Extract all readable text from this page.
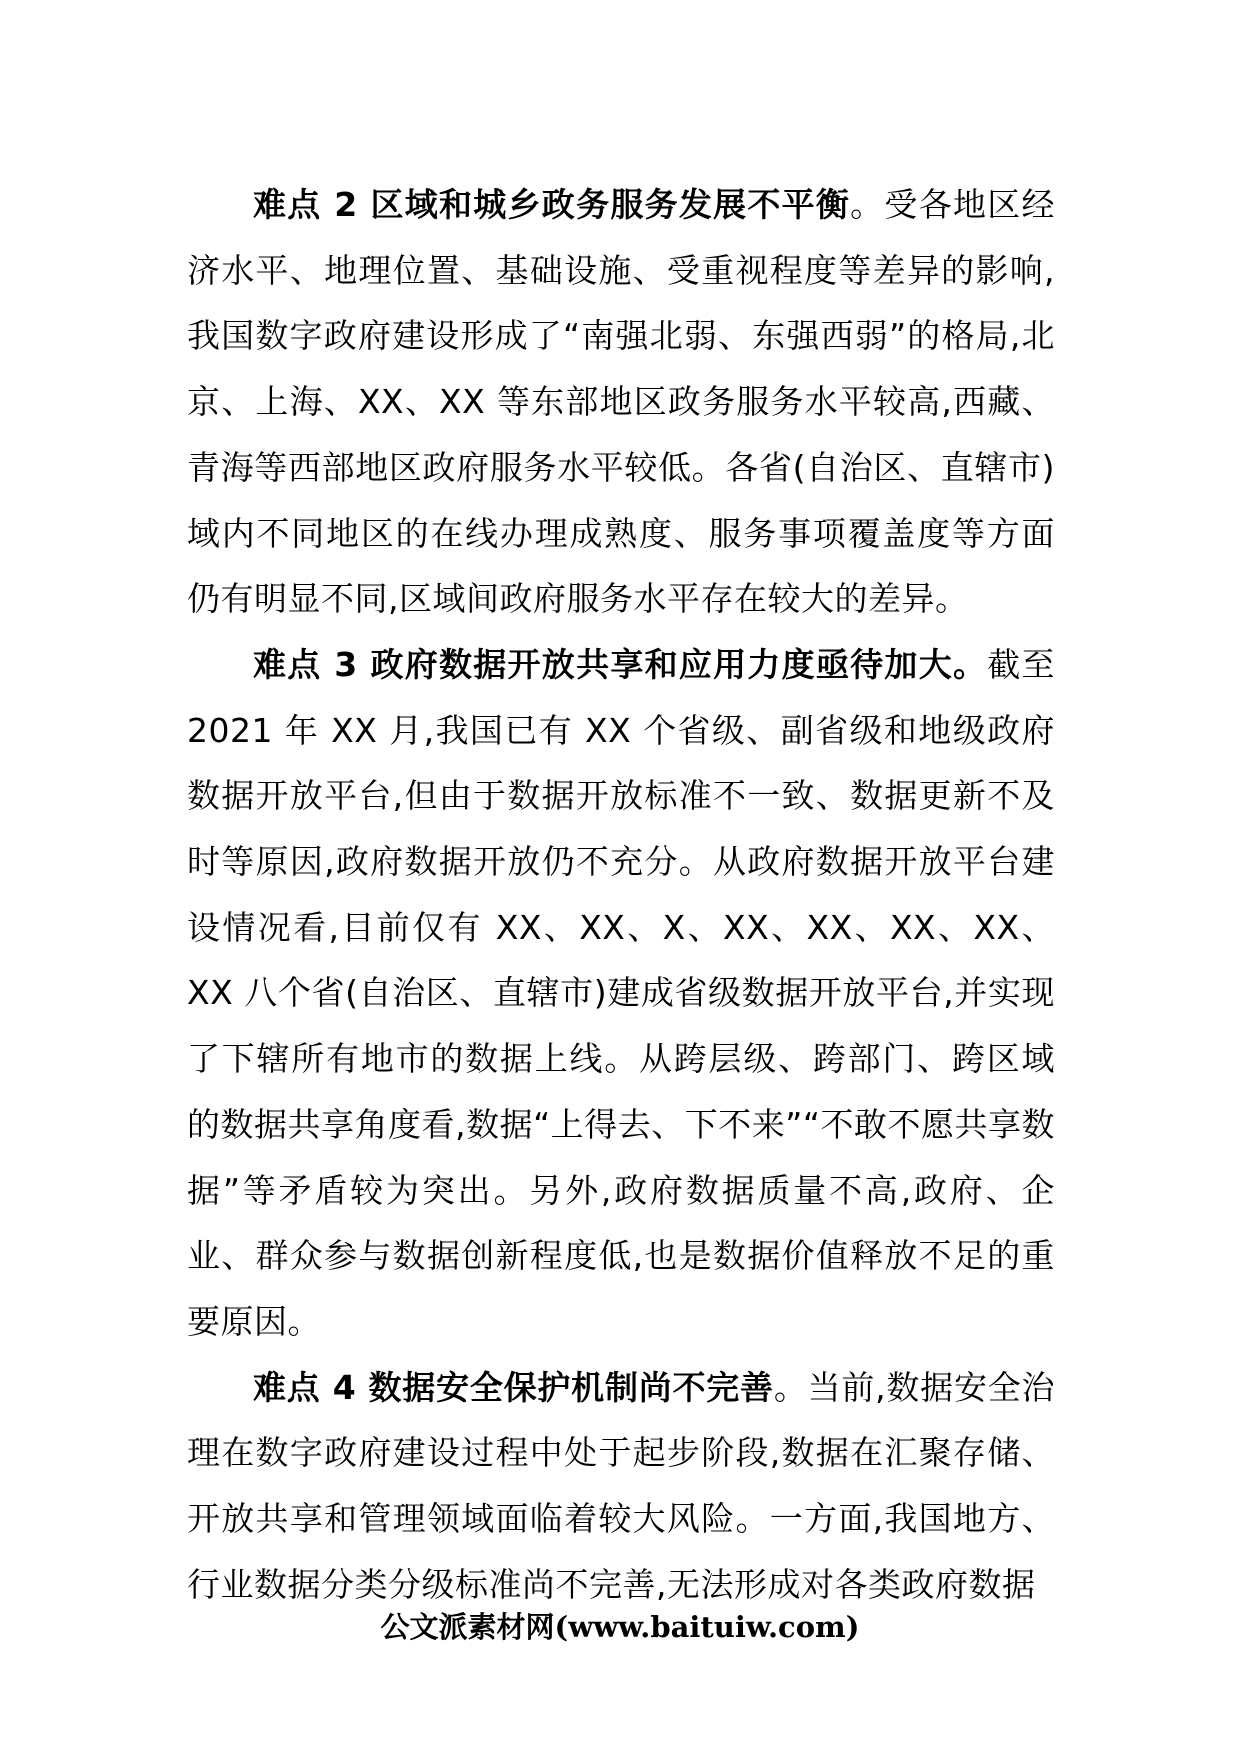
难点 2 区域和城乡政务服务发展不平衡。受各地区经济水平、地理位置、基础设施、受重视程度等差异的影响,我国数字政府建设形成了“南强北弱、东强西弱”的格局,北京、上海、XX、XX 等东部地区政务服务水平较高,西藏、青海等西部地区政府服务水平较低。各省(自治区、直辖市)域内不同地区的在线办理成熟度、服务事项覆盖度等方面仍有明显不同,区域间政府服务水平存在较大的差异。

难点 3 政府数据开放共享和应用力度亟待加大。截至 2021 年 XX 月,我国已有 XX 个省级、副省级和地级政府数据开放平台,但由于数据开放标准不一致、数据更新不及时等原因,政府数据开放仍不充分。从政府数据开放平台建设情况看,目前仅有 XX、XX、X、XX、XX、XX、XX、XX 八个省(自治区、直辖市)建成省级数据开放平台,并实现了下辖所有地市的数据上线。从跨层级、跨部门、跨区域的数据共享角度看,数据“上得去、下不来”“不敢不愿共享数据”等矛盾较为突出。另外,政府数据质量不高,政府、企业、群众参与数据创新程度低,也是数据价值释放不足的重要原因。

难点 4 数据安全保护机制尚不完善。当前,数据安全治理在数字政府建设过程中处于起步阶段,数据在汇聚存储、开放共享和管理领域面临着较大风险。一方面,我国地方、行业数据分类分级标准尚不完善,无法形成对各类政府数据

公文派素材网(www.baituiw.com)
